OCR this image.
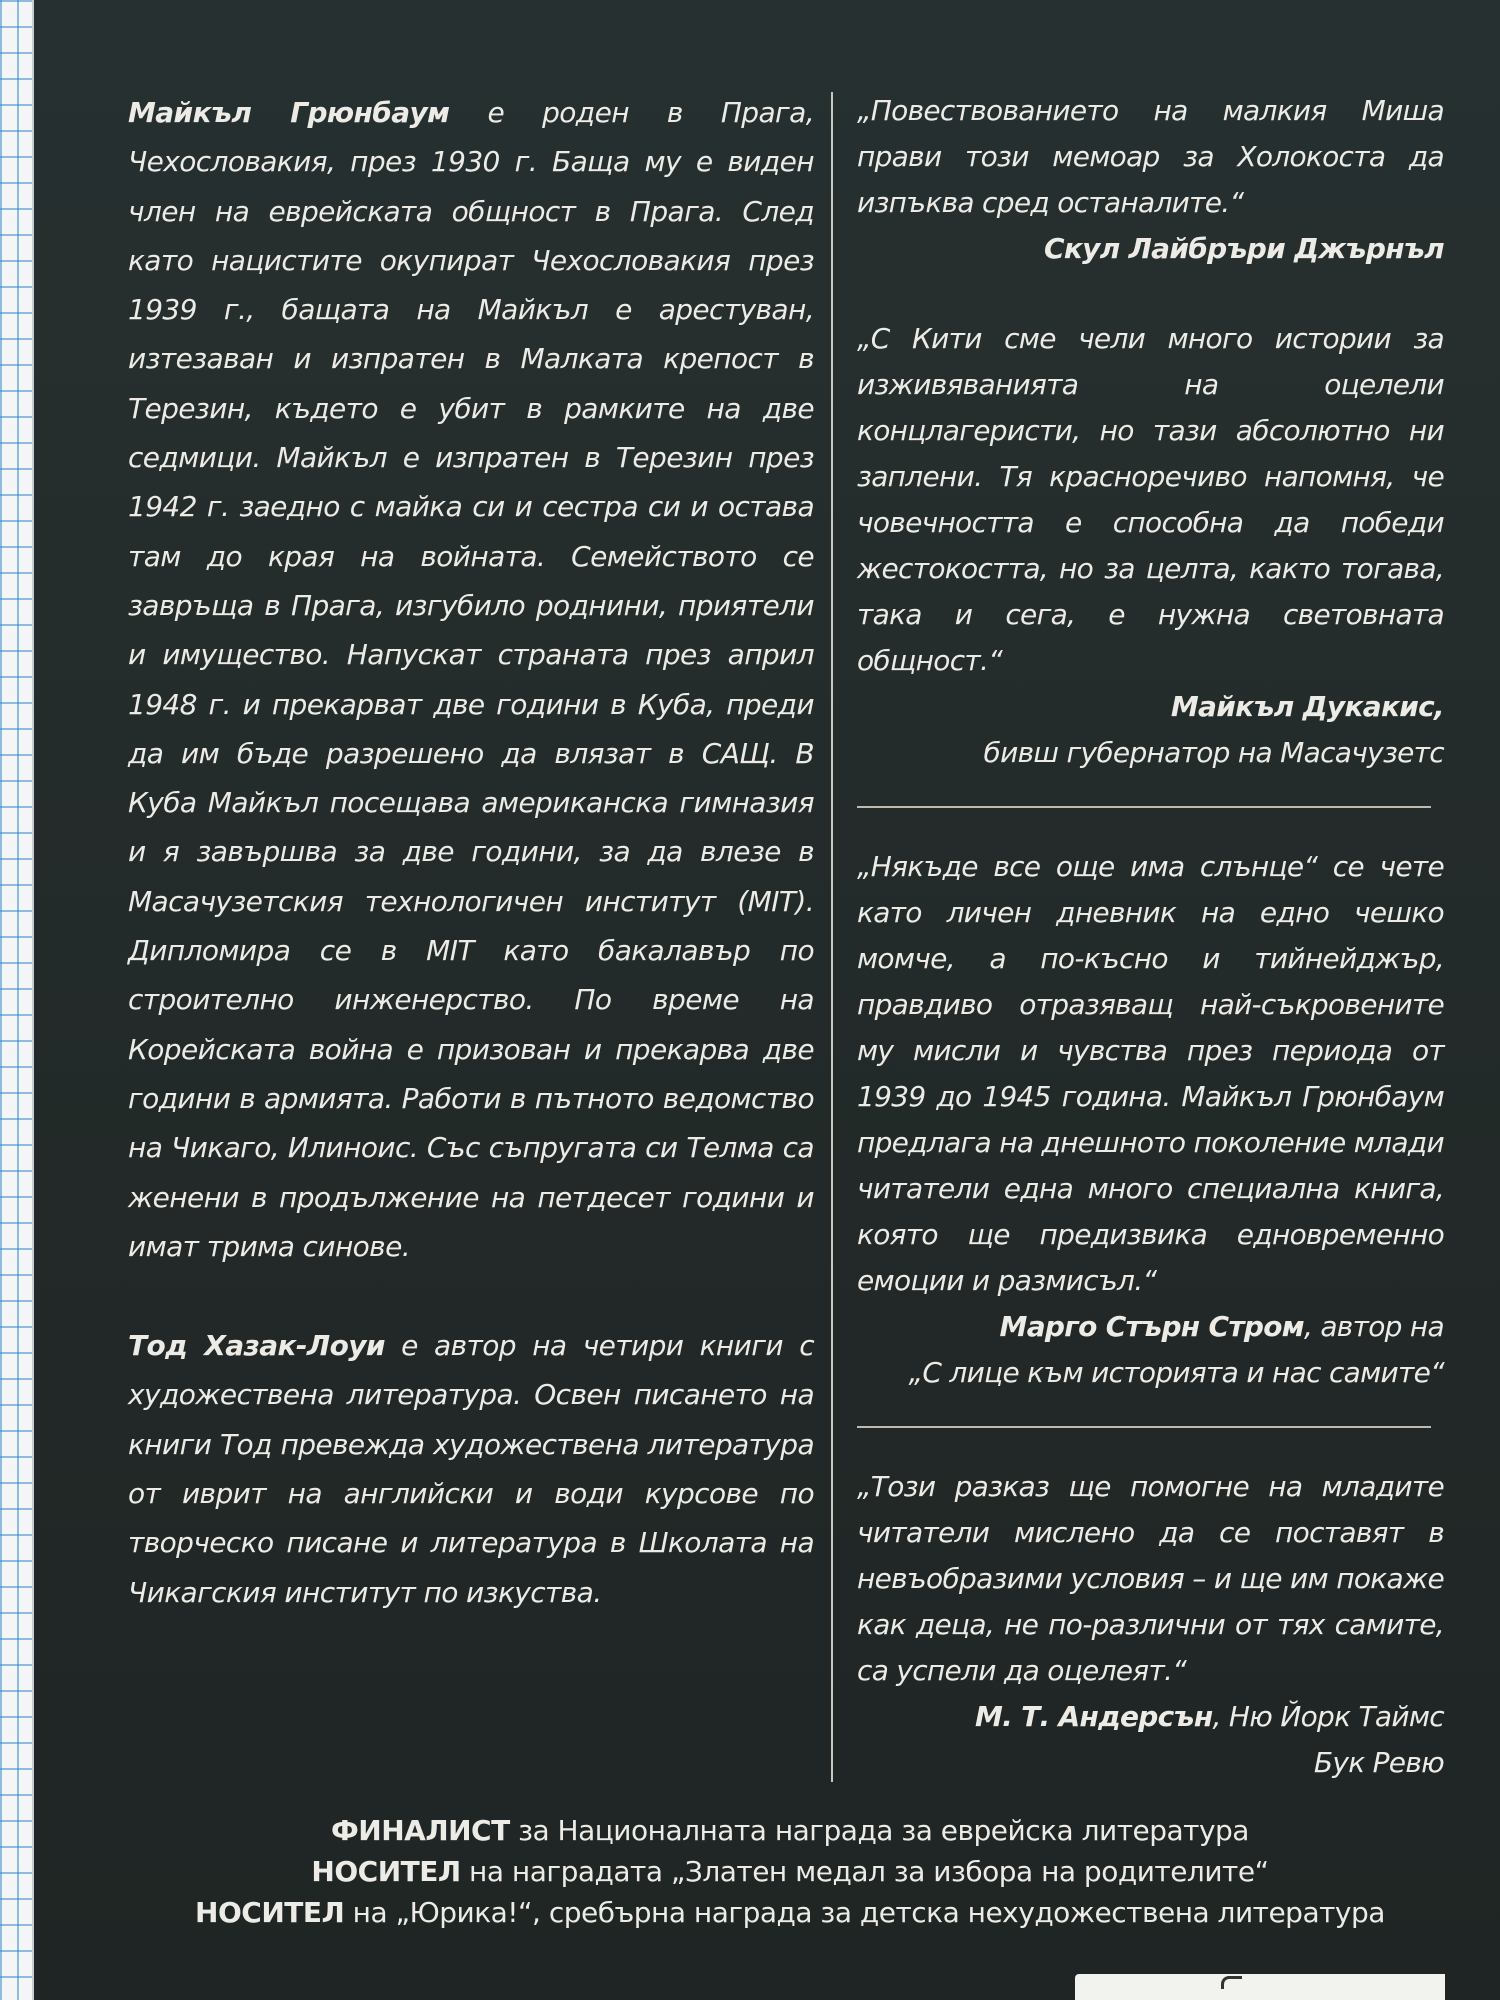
Майкъл Грюнбаум е роден в Прага, Чехословакия, през 1930 г. Баща му е виден член на еврейската общност в Прага. След като нацистите окупират Чехословакия през 1939 г., бащата на Майкъл е арестуван, изтезаван и изпратен в Малката крепост в Терезин, където е убит в рамките на две седмици. Майкъл е изпратен в Терезин през 1942 г. заедно с майка си и сестра си и остава там до края на войната. Семейството се завръща в Прага, изгубило роднини, приятели и имущество. Напускат страната през април 1948 г. и прекарват две години в Куба, преди да им бъде разрешено да влязат в САЩ. В Куба Майкъл посещава американска гимназия и я завършва за две години, за да влезе в Масачузетския технологичен институт (MIT). Дипломира се в MIT като бакалавър по строително инженерство. По време на Корейската война е призован и прекарва две години в армията. Работи в пътното ведомство на Чикаго, Илиноис. Със съпругата си Телма са женени в продължение на петдесет години и имат трима синове.

Тод Хазак-Лоуи е автор на четири книги с художествена литература. Освен писането на книги Тод превежда художествена литература от иврит на английски и води курсове по творческо писане и литература в Школата на Чикагския институт по изкуства.

„Повествованието на малкия Миша прави този мемоар за Холокоста да изпъква сред останалите.“

Скул Лайбръри Джърнъл

„С Кити сме чели много истории за изживяванията на оцелели концлагеристи, но тази абсолютно ни заплени. Тя красноречиво напомня, че човечността е способна да победи жестокостта, но за целта, както тогава, така и сега, е нужна световната общност.“

Майкъл Дукакис,

бивш губернатор на Масачузетс

„Някъде все още има слънце“ се чете като личен дневник на едно чешко момче, а по-късно и тийнейджър, правдиво отразяващ най-съкровените му мисли и чувства през периода от 1939 до 1945 година. Майкъл Грюнбаум предлага на днешното поколение млади читатели една много специална книга, която ще предизвика едновременно емоции и размисъл.“

Марго Стърн Стром, автор на

„С лице към историята и нас самите“

„Този разказ ще помогне на младите читатели мислено да се поставят в невъобразими условия – и ще им покаже как деца, не по-различни от тях самите, са успели да оцелеят.“

М. Т. Андерсън, Ню Йорк Таймс

Бук Ревю

ФИНАЛИСТ за Националната награда за еврейска литература
НОСИТЕЛ на наградата „Златен медал за избора на родителите“
НОСИТЕЛ на „Юрика!“, сребърна награда за детска нехудожествена литература
